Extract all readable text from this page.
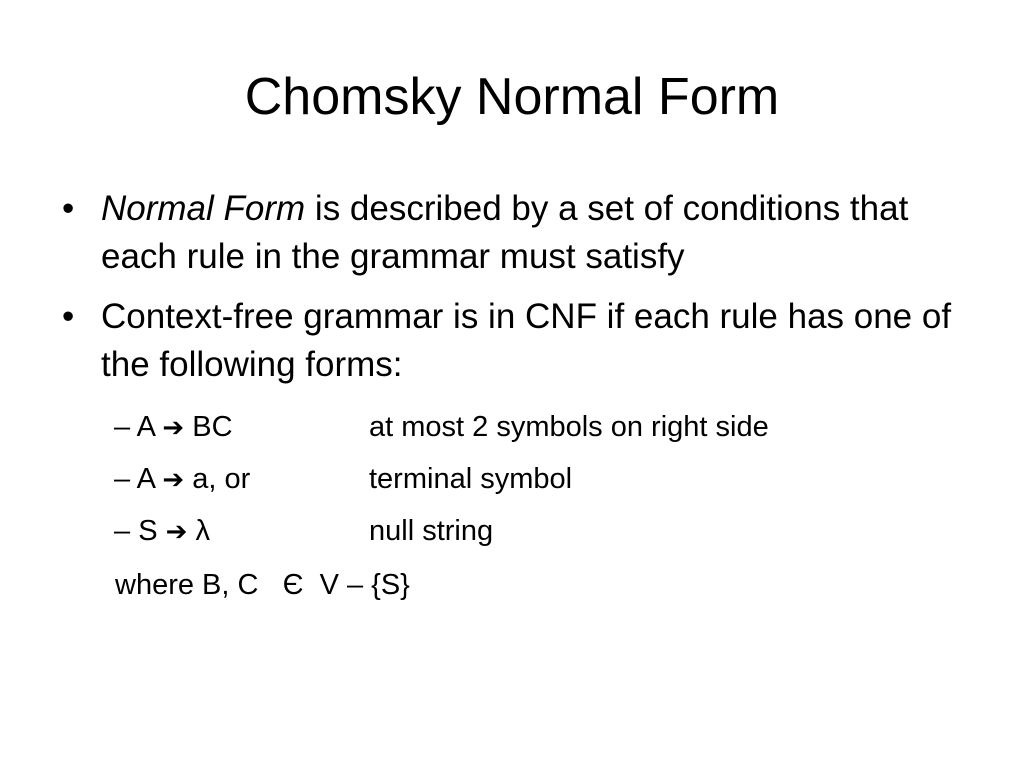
Chomsky Normal Form
• Normal Form is described by a set of conditions that each rule in the grammar must satisfy
• Context-free grammar is in CNF if each rule has one of the following forms:
– A ➔ BC	at most 2 symbols on right side
– A ➔ a, or	terminal symbol
– S ➔ λ	null string
where B, C   Є  V – {S}
